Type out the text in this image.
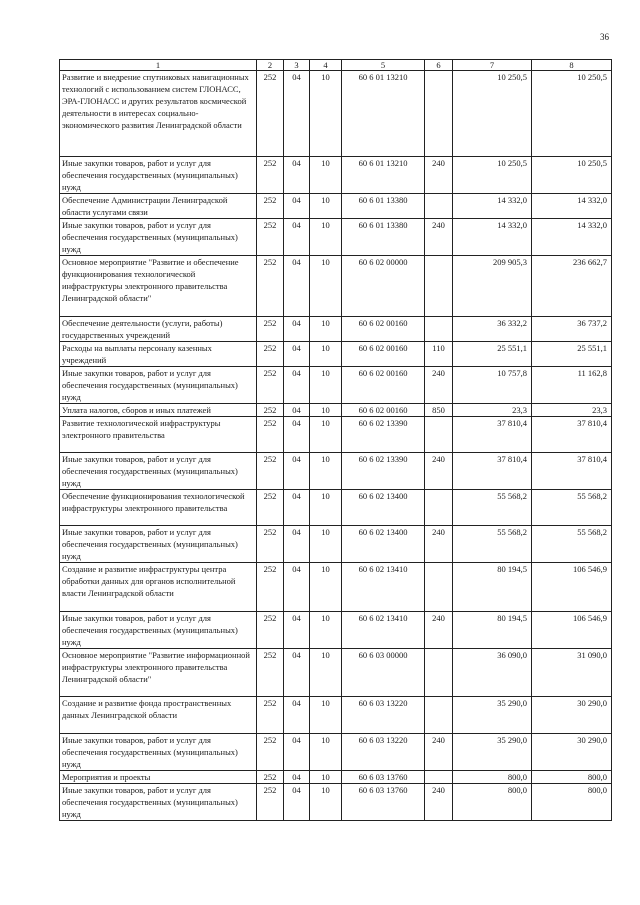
36
1	2	3	4	5	6	7	8
Развитие и внедрение спутниковых навигационных технологий с использованием систем ГЛОНАСС, ЭРА-ГЛОНАСС и других результатов космической деятельности в интересах социально-экономического развития Ленинградской области	252	04	10	60 6 01 13210		10 250,5	10 250,5
Иные закупки товаров, работ и услуг для обеспечения государственных (муниципальных) нужд	252	04	10	60 6 01 13210	240	10 250,5	10 250,5
Обеспечение Администрации Ленинградской области услугами связи	252	04	10	60 6 01 13380		14 332,0	14 332,0
Иные закупки товаров, работ и услуг для обеспечения государственных (муниципальных) нужд	252	04	10	60 6 01 13380	240	14 332,0	14 332,0
Основное мероприятие "Развитие и обеспечение функционирования технологической инфраструктуры электронного правительства Ленинградской области"	252	04	10	60 6 02 00000		209 905,3	236 662,7
Обеспечение деятельности (услуги, работы) государственных учреждений	252	04	10	60 6 02 00160		36 332,2	36 737,2
Расходы на выплаты персоналу казенных учреждений	252	04	10	60 6 02 00160	110	25 551,1	25 551,1
Иные закупки товаров, работ и услуг для обеспечения государственных (муниципальных) нужд	252	04	10	60 6 02 00160	240	10 757,8	11 162,8
Уплата налогов, сборов и иных платежей	252	04	10	60 6 02 00160	850	23,3	23,3
Развитие технологической инфраструктуры электронного правительства	252	04	10	60 6 02 13390		37 810,4	37 810,4
Иные закупки товаров, работ и услуг для обеспечения государственных (муниципальных) нужд	252	04	10	60 6 02 13390	240	37 810,4	37 810,4
Обеспечение функционирования технологической инфраструктуры электронного правительства	252	04	10	60 6 02 13400		55 568,2	55 568,2
Иные закупки товаров, работ и услуг для обеспечения государственных (муниципальных) нужд	252	04	10	60 6 02 13400	240	55 568,2	55 568,2
Создание и развитие инфраструктуры центра обработки данных для органов исполнительной власти Ленинградской области	252	04	10	60 6 02 13410		80 194,5	106 546,9
Иные закупки товаров, работ и услуг для обеспечения государственных (муниципальных) нужд	252	04	10	60 6 02 13410	240	80 194,5	106 546,9
Основное мероприятие "Развитие информационной инфраструктуры электронного правительства Ленинградской области"	252	04	10	60 6 03 00000		36 090,0	31 090,0
Создание и развитие фонда пространственных данных Ленинградской области	252	04	10	60 6 03 13220		35 290,0	30 290,0
Иные закупки товаров, работ и услуг для обеспечения государственных (муниципальных) нужд	252	04	10	60 6 03 13220	240	35 290,0	30 290,0
Мероприятия и проекты	252	04	10	60 6 03 13760		800,0	800,0
Иные закупки товаров, работ и услуг для обеспечения государственных (муниципальных) нужд	252	04	10	60 6 03 13760	240	800,0	800,0
